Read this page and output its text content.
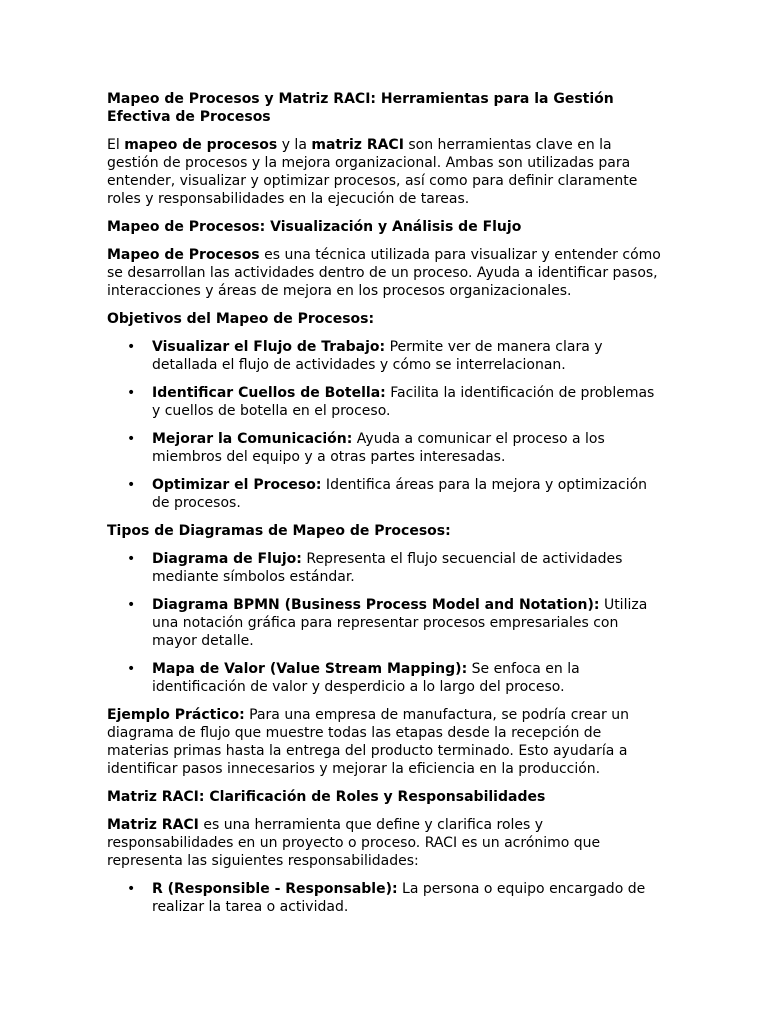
Mapeo de Procesos y Matriz RACI: Herramientas para la Gestión Efectiva de Procesos

El mapeo de procesos y la matriz RACI son herramientas clave en la gestión de procesos y la mejora organizacional. Ambas son utilizadas para entender, visualizar y optimizar procesos, así como para definir claramente roles y responsabilidades en la ejecución de tareas.

Mapeo de Procesos: Visualización y Análisis de Flujo

Mapeo de Procesos es una técnica utilizada para visualizar y entender cómo se desarrollan las actividades dentro de un proceso. Ayuda a identificar pasos, interacciones y áreas de mejora en los procesos organizacionales.

Objetivos del Mapeo de Procesos:
• Visualizar el Flujo de Trabajo: Permite ver de manera clara y detallada el flujo de actividades y cómo se interrelacionan.
• Identificar Cuellos de Botella: Facilita la identificación de problemas y cuellos de botella en el proceso.
• Mejorar la Comunicación: Ayuda a comunicar el proceso a los miembros del equipo y a otras partes interesadas.
• Optimizar el Proceso: Identifica áreas para la mejora y optimización de procesos.
Tipos de Diagramas de Mapeo de Procesos:
• Diagrama de Flujo: Representa el flujo secuencial de actividades mediante símbolos estándar.
• Diagrama BPMN (Business Process Model and Notation): Utiliza una notación gráfica para representar procesos empresariales con mayor detalle.
• Mapa de Valor (Value Stream Mapping): Se enfoca en la identificación de valor y desperdicio a lo largo del proceso.

Ejemplo Práctico: Para una empresa de manufactura, se podría crear un diagrama de flujo que muestre todas las etapas desde la recepción de materias primas hasta la entrega del producto terminado. Esto ayudaría a identificar pasos innecesarios y mejorar la eficiencia en la producción.

Matriz RACI: Clarificación de Roles y Responsabilidades

Matriz RACI es una herramienta que define y clarifica roles y responsabilidades en un proyecto o proceso. RACI es un acrónimo que representa las siguientes responsabilidades:

• R (Responsible - Responsable): La persona o equipo encargado de realizar la tarea o actividad.
